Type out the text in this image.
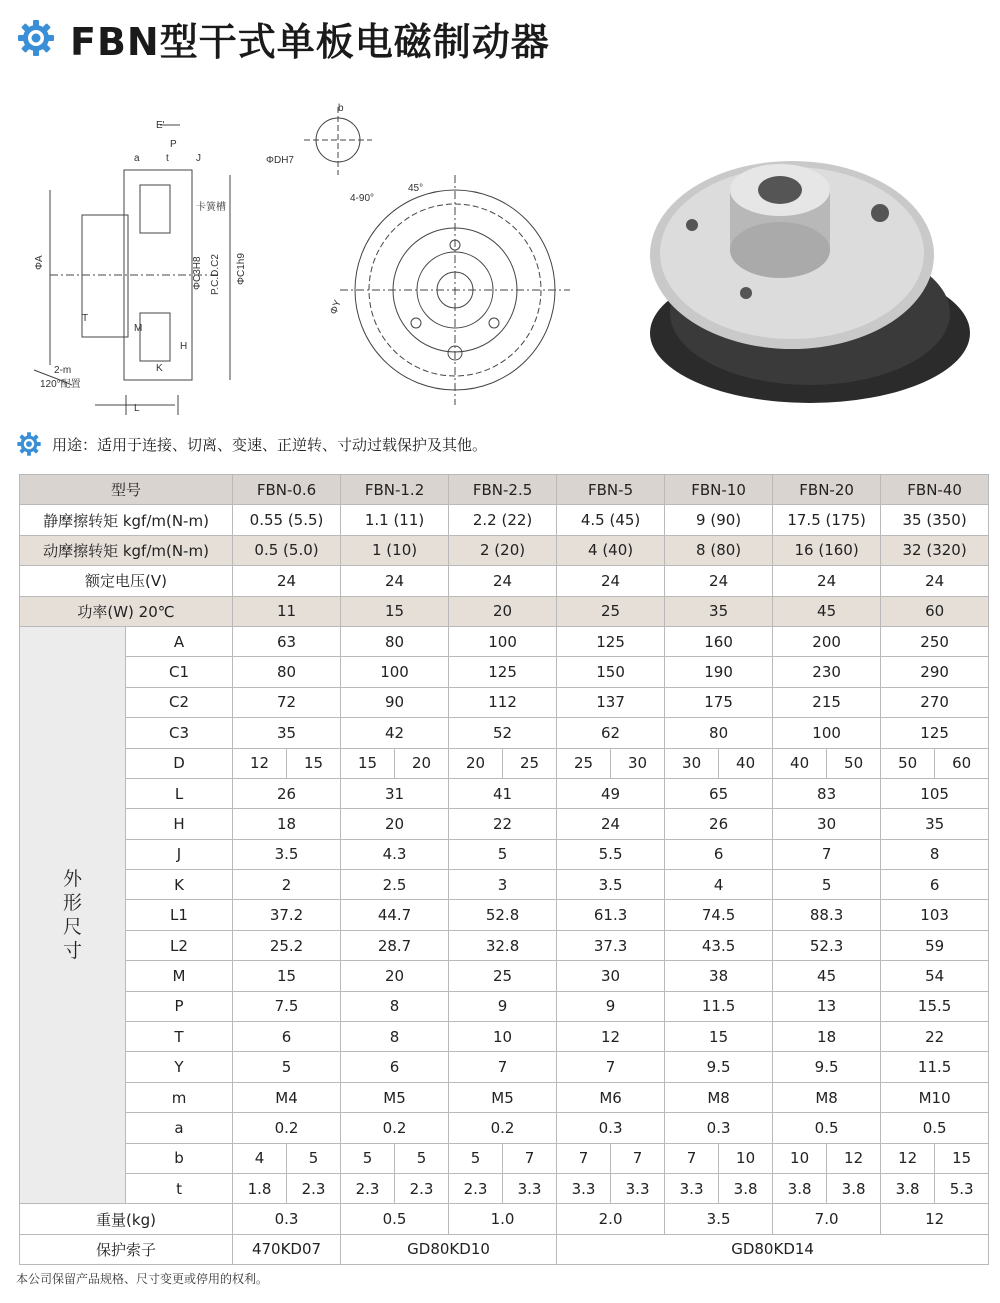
FBN型干式单板电磁制动器
E'
P
a	t	J
卡簧槽
ΦA	ΦC3H8 P.C.D.C2 ΦC1h9
T
M
H
K
L
2-m
120°配置
b
ΦDH7
4-90°
45°
ΦY
用途：适用于连接、切离、变速、正逆转、寸动过载保护及其他。
型号		FBN-0.6		FBN-1.2		FBN-2.5		FBN-5		FBN-10		FBN-20		FBN-40	
静摩擦转矩 kgf/m(N-m)		0.55 (5.5)		1.1 (11)		2.2 (22)		4.5 (45)		9 (90)		17.5 (175)		35 (350)	
动摩擦转矩 kgf/m(N-m)		0.5 (5.0)		1 (10)		2 (20)		4 (40)		8 (80)		16 (160)		32 (320)	
额定电压(V)		24		24		24		24		24		24		24	
功率(W) 20℃		11		15		20		25		35		45		60	
外
形
尺
寸	A	63		80		100		125		160		200		250	
	C1	80		100		125		150		190		230		290	
	C2	72		90		112		137		175		215		270	
	C3	35		42		52		62		80		100		125	
	D	12	15	15	20	20	25	25	30	30	40	40	50	50	60
	L	26		31		41		49		65		83		105	
	H	18		20		22		24		26		30		35	
	J	3.5		4.3		5		5.5		6		7		8	
	K	2		2.5		3		3.5		4		5		6	
	L1	37.2		44.7		52.8		61.3		74.5		88.3		103	
	L2	25.2		28.7		32.8		37.3		43.5		52.3		59	
	M	15		20		25		30		38		45		54	
	P	7.5		8		9		9		11.5		13		15.5	
	T	6		8		10		12		15		18		22	
	Y	5		6		7		7		9.5		9.5		11.5	
	m	M4		M5		M5		M6		M8		M8		M10	
	a	0.2		0.2		0.2		0.3		0.3		0.5		0.5	
	b	4	5	5	5	5	7	7	7	7	10	10	12	12	15
	t	1.8	2.3	2.3	2.3	2.3	3.3	3.3	3.3	3.3	3.8	3.8	3.8	3.8	5.3
重量(kg)		0.3		0.5		1.0		2.0		3.5		7.0		12	
保护索子		470KD07		GD80KD10				GD80KD14							
本公司保留产品规格、尺寸变更或停用的权利。
